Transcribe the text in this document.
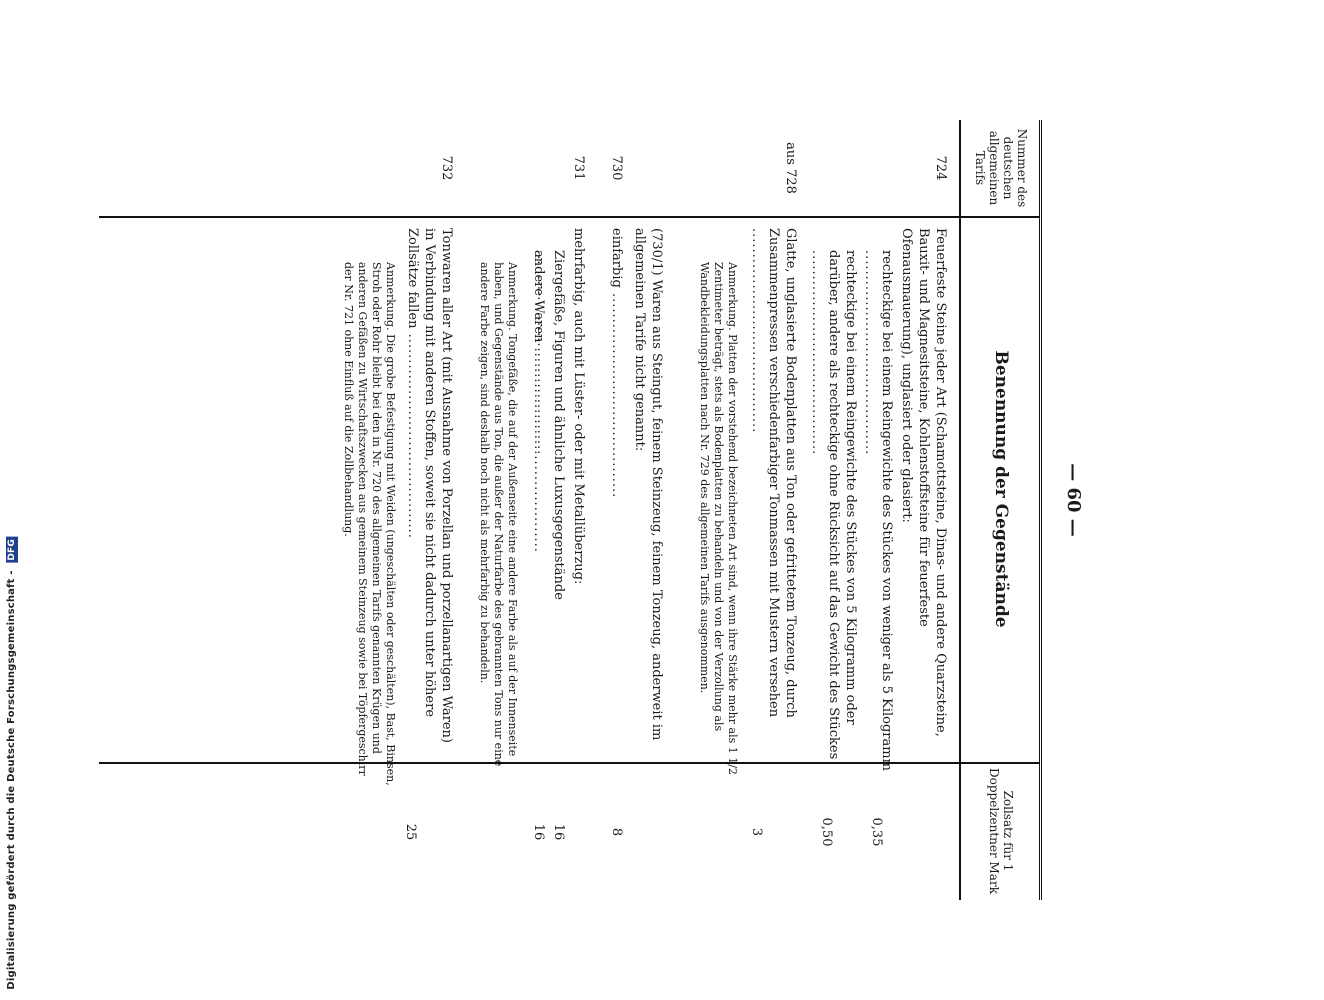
Digitalisierung gefördert durch die Deutsche Forschungsgemeinschaft - DFG
— 60 —
Nummer des deutschen allgemeinen Tarifs
Benennung der Gegenstände
Zollsatz für 1 Doppelzentner Mark
724
Feuerfeste Steine jeder Art (Schamottsteine, Dinas- und andere Quarzsteine, Bauxit- und Magnesitsteine, Kohlenstoffsteine für feuerfeste Ofenausmauerung), unglasiert oder glasiert:
rechteckige bei einem Reingewichte des Stückes von weniger als 5 Kilogramm .....
0,35
rechteckige bei einem Reingewichte des Stückes von 5 Kilogramm oder darüber, andere als rechteckige ohne Rücksicht auf das Gewicht des Stückes .....
0,50
aus 728
Glatte, unglasierte Bodenplatten aus Ton oder gefrittetem Tonzeug, durch Zusammenpressen verschiedenfarbiger Tonmassen mit Mustern versehen .....
3
Anmerkung. Platten der vorstehend bezeichneten Art sind, wenn ihre Stärke mehr als 1 1/2 Zentimeter beträgt, stets als Bodenplatten zu behandeln und von der Verzollung als Wandbekleidungsplatten nach Nr. 729 des allgemeinen Tarifs ausgenommen.
(730/1) Waren aus Steingut, feinem Steinzeug, feinem Tonzeug, anderweit im allgemeinen Tarife nicht genannt:
730
einfarbig .....
8
731
mehrfarbig, auch mit Lüster- oder mit Metallüberzug:
Ziergefäße, Figuren und ähnliche Luxusgegenstände .....
16
andere Waren .....
16
Anmerkung. Tongefäße, die auf der Außenseite eine andere Farbe als auf der Innenseite haben, und Gegenstände aus Ton, die außer der Naturfarbe des gebrannten Tons nur eine andere Farbe zeigen, sind deshalb noch nicht als mehrfarbig zu behandeln.
732
Tonwaren aller Art (mit Ausnahme von Porzellan und porzellanartigen Waren) in Verbindung mit anderen Stoffen, soweit sie nicht dadurch unter höhere Zollsätze fallen .....
25
Anmerkung. Die grobe Befestigung mit Weiden (ungeschälten oder geschälten), Bast, Binsen, Stroh oder Rohr bleibt bei den in Nr. 720 des allgemeinen Tarifs genannten Krügen und anderen Gefäßen zu Wirtschaftszwecken aus gemeinem Steinzeug sowie bei Töpfergeschirr der Nr. 721 ohne Einfluß auf die Zollbehandlung.
